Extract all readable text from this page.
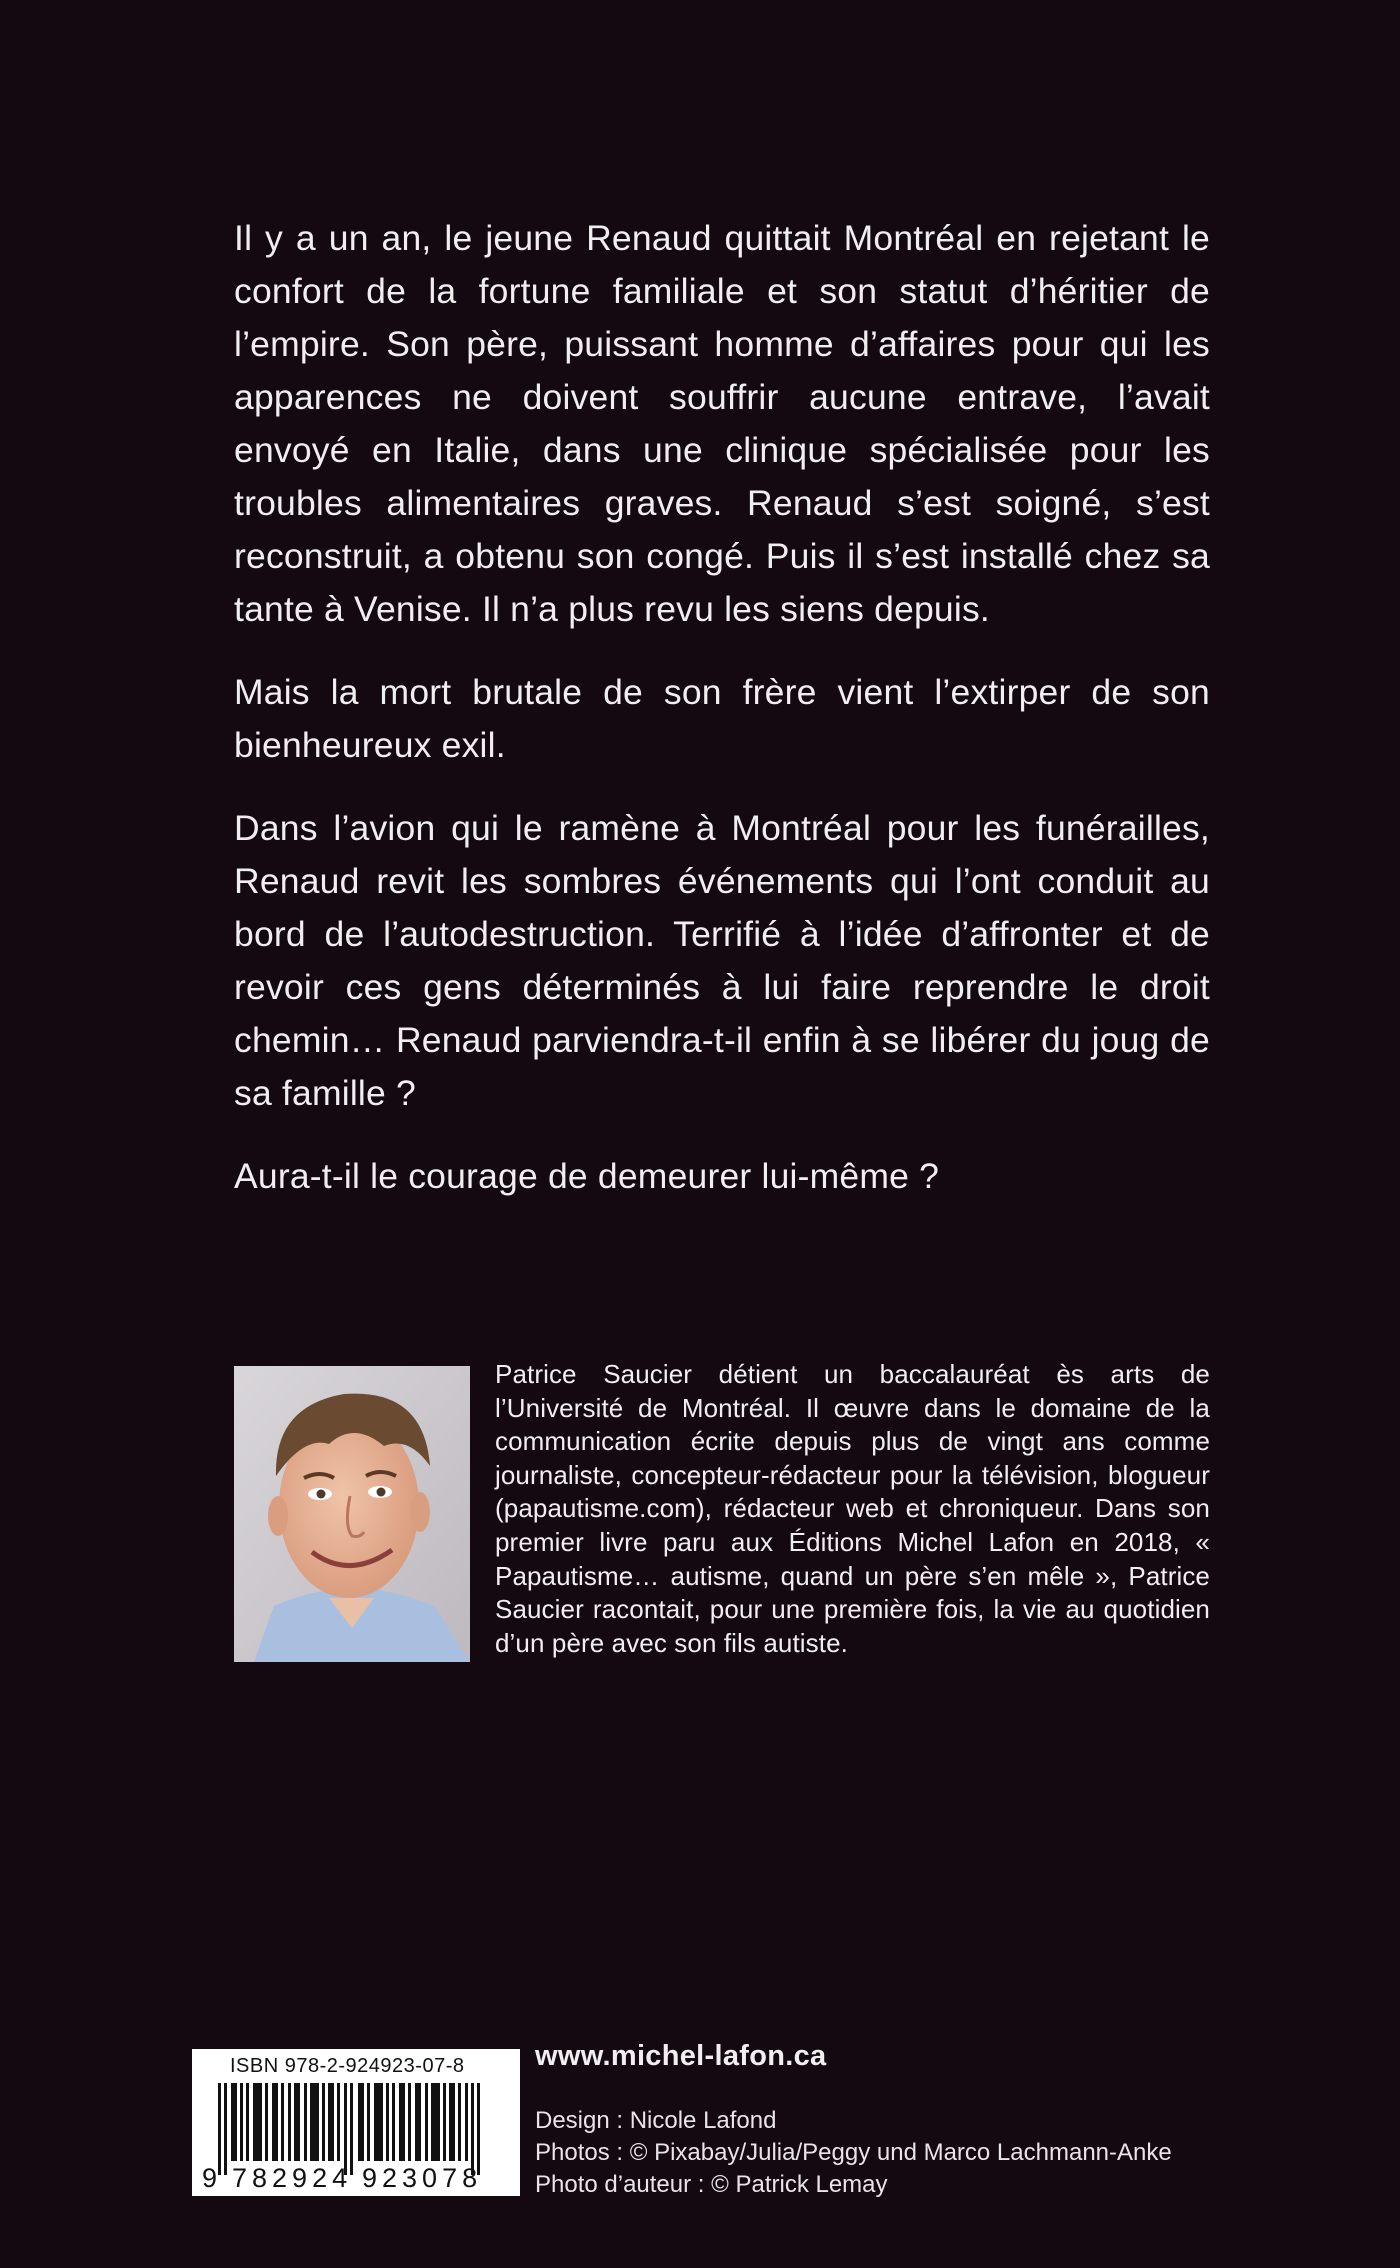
Il y a un an, le jeune Renaud quittait Montréal en rejetant le confort de la fortune familiale et son statut d’héritier de l’empire. Son père, puissant homme d’affaires pour qui les apparences ne doivent souffrir aucune entrave, l’avait envoyé en Italie, dans une clinique spécialisée pour les troubles alimentaires graves. Renaud s’est soigné, s’est reconstruit, a obtenu son congé. Puis il s’est installé chez sa tante à Venise. Il n’a plus revu les siens depuis.

Mais la mort brutale de son frère vient l’extirper de son bienheureux exil.

Dans l’avion qui le ramène à Montréal pour les funérailles, Renaud revit les sombres événements qui l’ont conduit au bord de l’autodestruction. Terrifié à l’idée d’affronter et de revoir ces gens déterminés à lui faire reprendre le droit chemin… Renaud parviendra-t-il enfin à se libérer du joug de sa famille ?

Aura-t-il le courage de demeurer lui-même ?

Patrice Saucier détient un baccalauréat ès arts de l’Université de Montréal. Il œuvre dans le domaine de la communication écrite depuis plus de vingt ans comme journaliste, concepteur-rédacteur pour la télévision, blogueur (papautisme.com), rédacteur web et chroniqueur. Dans son premier livre paru aux Éditions Michel Lafon en 2018, « Papautisme… autisme, quand un père s’en mêle », Patrice Saucier racontait, pour une première fois, la vie au quotidien d’un père avec son fils autiste.

ISBN 978-2-924923-07-8
9 782924 923078
www.michel-lafon.ca
Design : Nicole Lafond
Photos : © Pixabay/Julia/Peggy und Marco Lachmann-Anke
Photo d’auteur : © Patrick Lemay
